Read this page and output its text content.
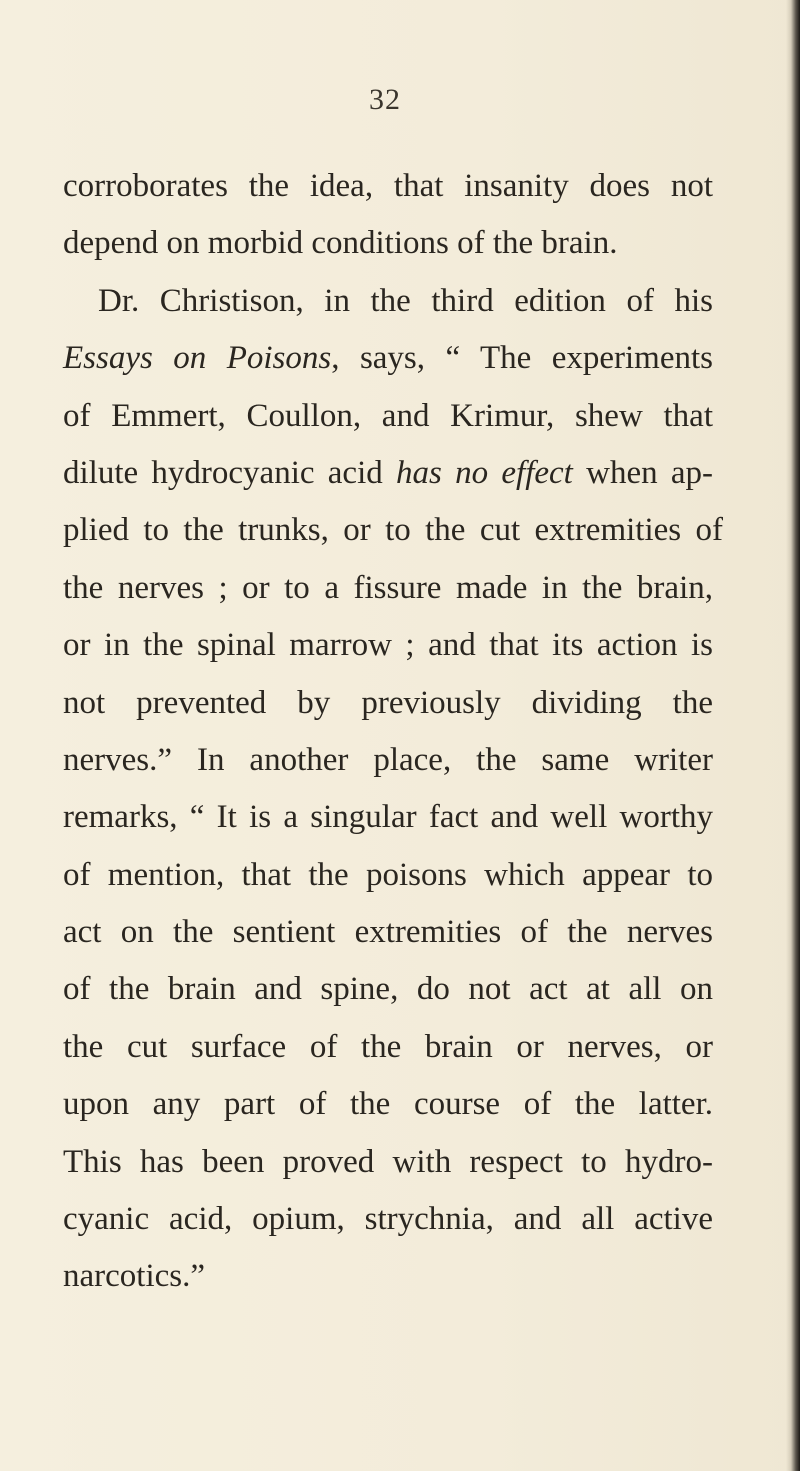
32
corroborates the idea, that insanity does not
depend on morbid conditions of the brain.
Dr. Christison, in the third edition of his
Essays on Poisons, says, “ The experiments
of Emmert, Coullon, and Krimur, shew that
dilute hydrocyanic acid has no effect when ap-
plied to the trunks, or to the cut extremities of
the nerves ; or to a fissure made in the brain,
or in the spinal marrow ; and that its action is
not prevented by previously dividing the
nerves.” In another place, the same writer
remarks, “ It is a singular fact and well worthy
of mention, that the poisons which appear to
act on the sentient extremities of the nerves
of the brain and spine, do not act at all on
the cut surface of the brain or nerves, or
upon any part of the course of the latter.
This has been proved with respect to hydro-
cyanic acid, opium, strychnia, and all active
narcotics.”
